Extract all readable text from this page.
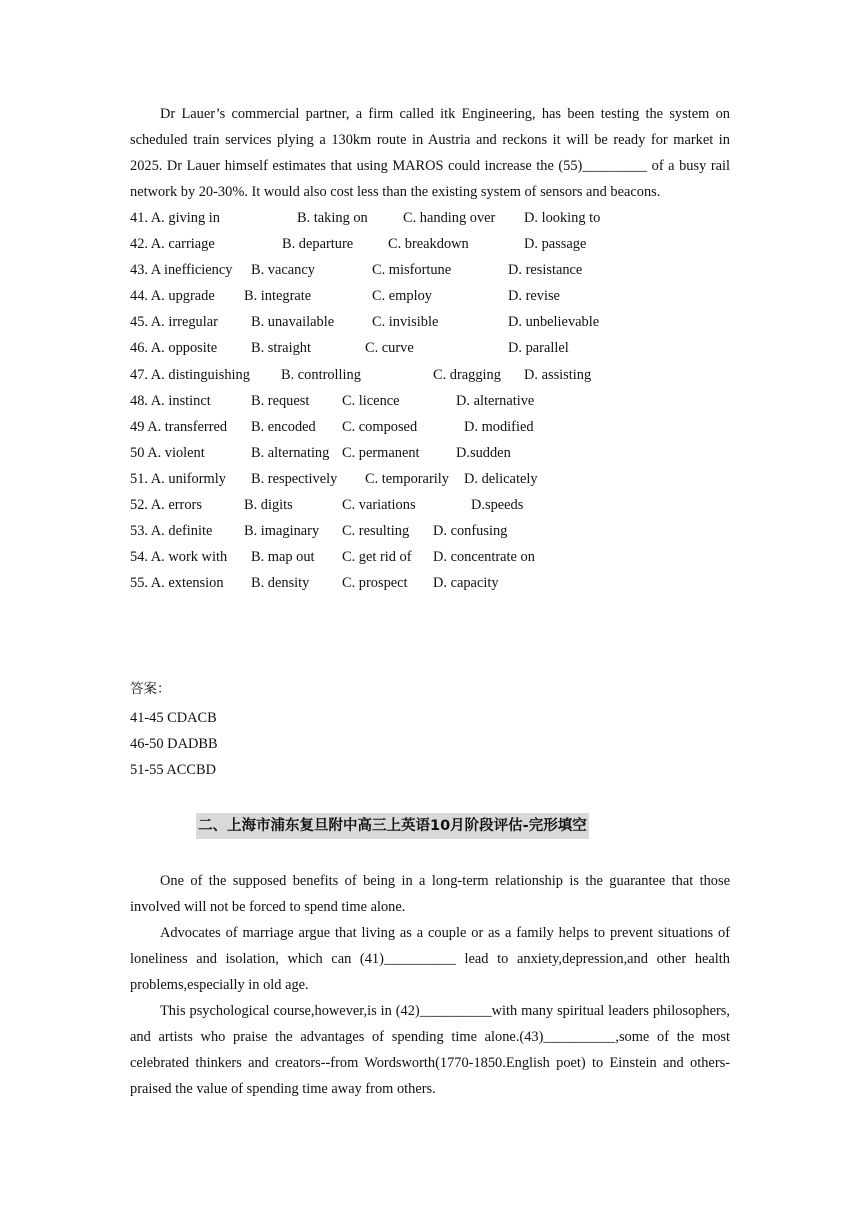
Dr Lauer’s commercial partner, a firm called itk Engineering, has been testing the system on scheduled train services plying a 130km route in Austria and reckons it will be ready for market in 2025. Dr Lauer himself estimates that using MAROS could increase the (55)_________ of a busy rail network by 20-30%. It would also cost less than the existing system of sensors and beacons.

41. A. giving in	B. taking on C. handing over D. looking to
42. A. carriage	B. departure C. breakdown	D. passage
43. A inefficiency B. vacancy	C. misfortune	D. resistance
44. A. upgrade B. integrate	C. employ	D. revise
45. A. irregular B. unavailable	C. invisible	D. unbelievable
46. A. opposite B. straight	C. curve	D. parallel
47. A. distinguishing B. controlling	C. dragging D. assisting
48. A. instinct	B. request C. licence	D. alternative
49 A. transferred B. encoded C. composed	D. modified
50 A. violent	B. alternating C. permanent	D.sudden
51. A. uniformly B. respectively C. temporarily D. delicately
52. A. errors	B. digits	C. variations	D.speeds
53. A. definite B. imaginary C. resulting D. confusing
54. A. work with B. map out C. get rid of D. concentrate on
55. A. extension B. density C. prospect D. capacity
答案：
41-45 CDACB
46-50 DADBB
51-55 ACCBD
二、上海市浦东复旦附中高三上英语10月阶段评估-完形填空

One of the supposed benefits of being in a long-term relationship is the guarantee that those involved will not be forced to spend time alone.

Advocates of marriage argue that living as a couple or as a family helps to prevent situations of loneliness and isolation, which can (41)__________ lead to anxiety,depression,and other health problems,especially in old age.

This psychological course,however,is in (42)__________with many spiritual leaders philosophers, and artists who praise the advantages of spending time alone.(43)__________,some of the most celebrated thinkers and creators--from Wordsworth(1770-1850.English poet) to Einstein and others- praised the value of spending time away from others.
